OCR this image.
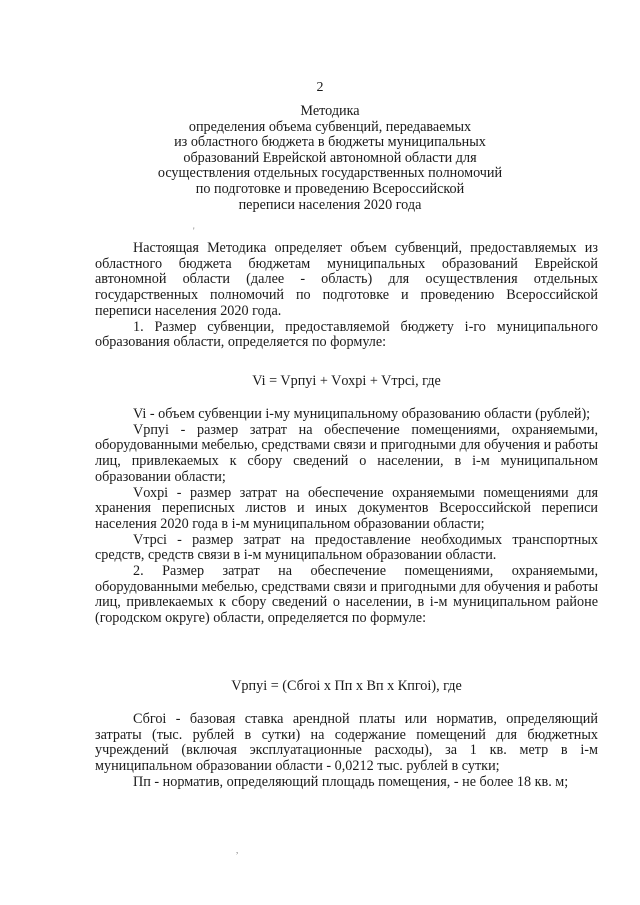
2
Методика
определения объема субвенций, передаваемых
из областного бюджета в бюджеты муниципальных
образований Еврейской автономной области для
осуществления отдельных государственных полномочий
по подготовке и проведению Всероссийской
переписи населения 2020 года
'

Настоящая Методика определяет объем субвенций, предоставляемых из областного бюджета бюджетам муниципальных образований Еврейской автономной области (далее - область) для осуществления отдельных государственных полномочий по подготовке и проведению Всероссийской переписи населения 2020 года.

1. Размер субвенции, предоставляемой бюджету i-го муниципального образования области, определяется по формуле:

Vi = Vрпуi + Vохрi + Vтрсi, где

Vi - объем субвенции i-му муниципальному образованию области (рублей);

Vрпуi - размер затрат на обеспечение помещениями, охраняемыми, оборудованными мебелью, средствами связи и пригодными для обучения и работы лиц, привлекаемых к сбору сведений о населении, в i-м муниципальном образовании области;

Vохрi - размер затрат на обеспечение охраняемыми помещениями для хранения переписных листов и иных документов Всероссийской переписи населения 2020 года в i-м муниципальном образовании области;

Vтрсi - размер затрат на предоставление необходимых транспортных средств, средств связи в i-м муниципальном образовании области.

2. Размер затрат на обеспечение помещениями, охраняемыми, оборудованными мебелью, средствами связи и пригодными для обучения и работы лиц, привлекаемых к сбору сведений о населении, в i-м муниципальном районе (городском округе) области, определяется по формуле:

Vрпуi = (Сбгоi х Пп х Вп х Кпгоi), где

Сбгоi - базовая ставка арендной платы или норматив, определяющий затраты (тыс. рублей в сутки) на содержание помещений для бюджетных учреждений (включая эксплуатационные расходы), за 1 кв. метр в i-м муниципальном образовании области - 0,0212 тыс. рублей в сутки;

Пп - норматив, определяющий площадь помещения, - не более 18 кв. м;

,
